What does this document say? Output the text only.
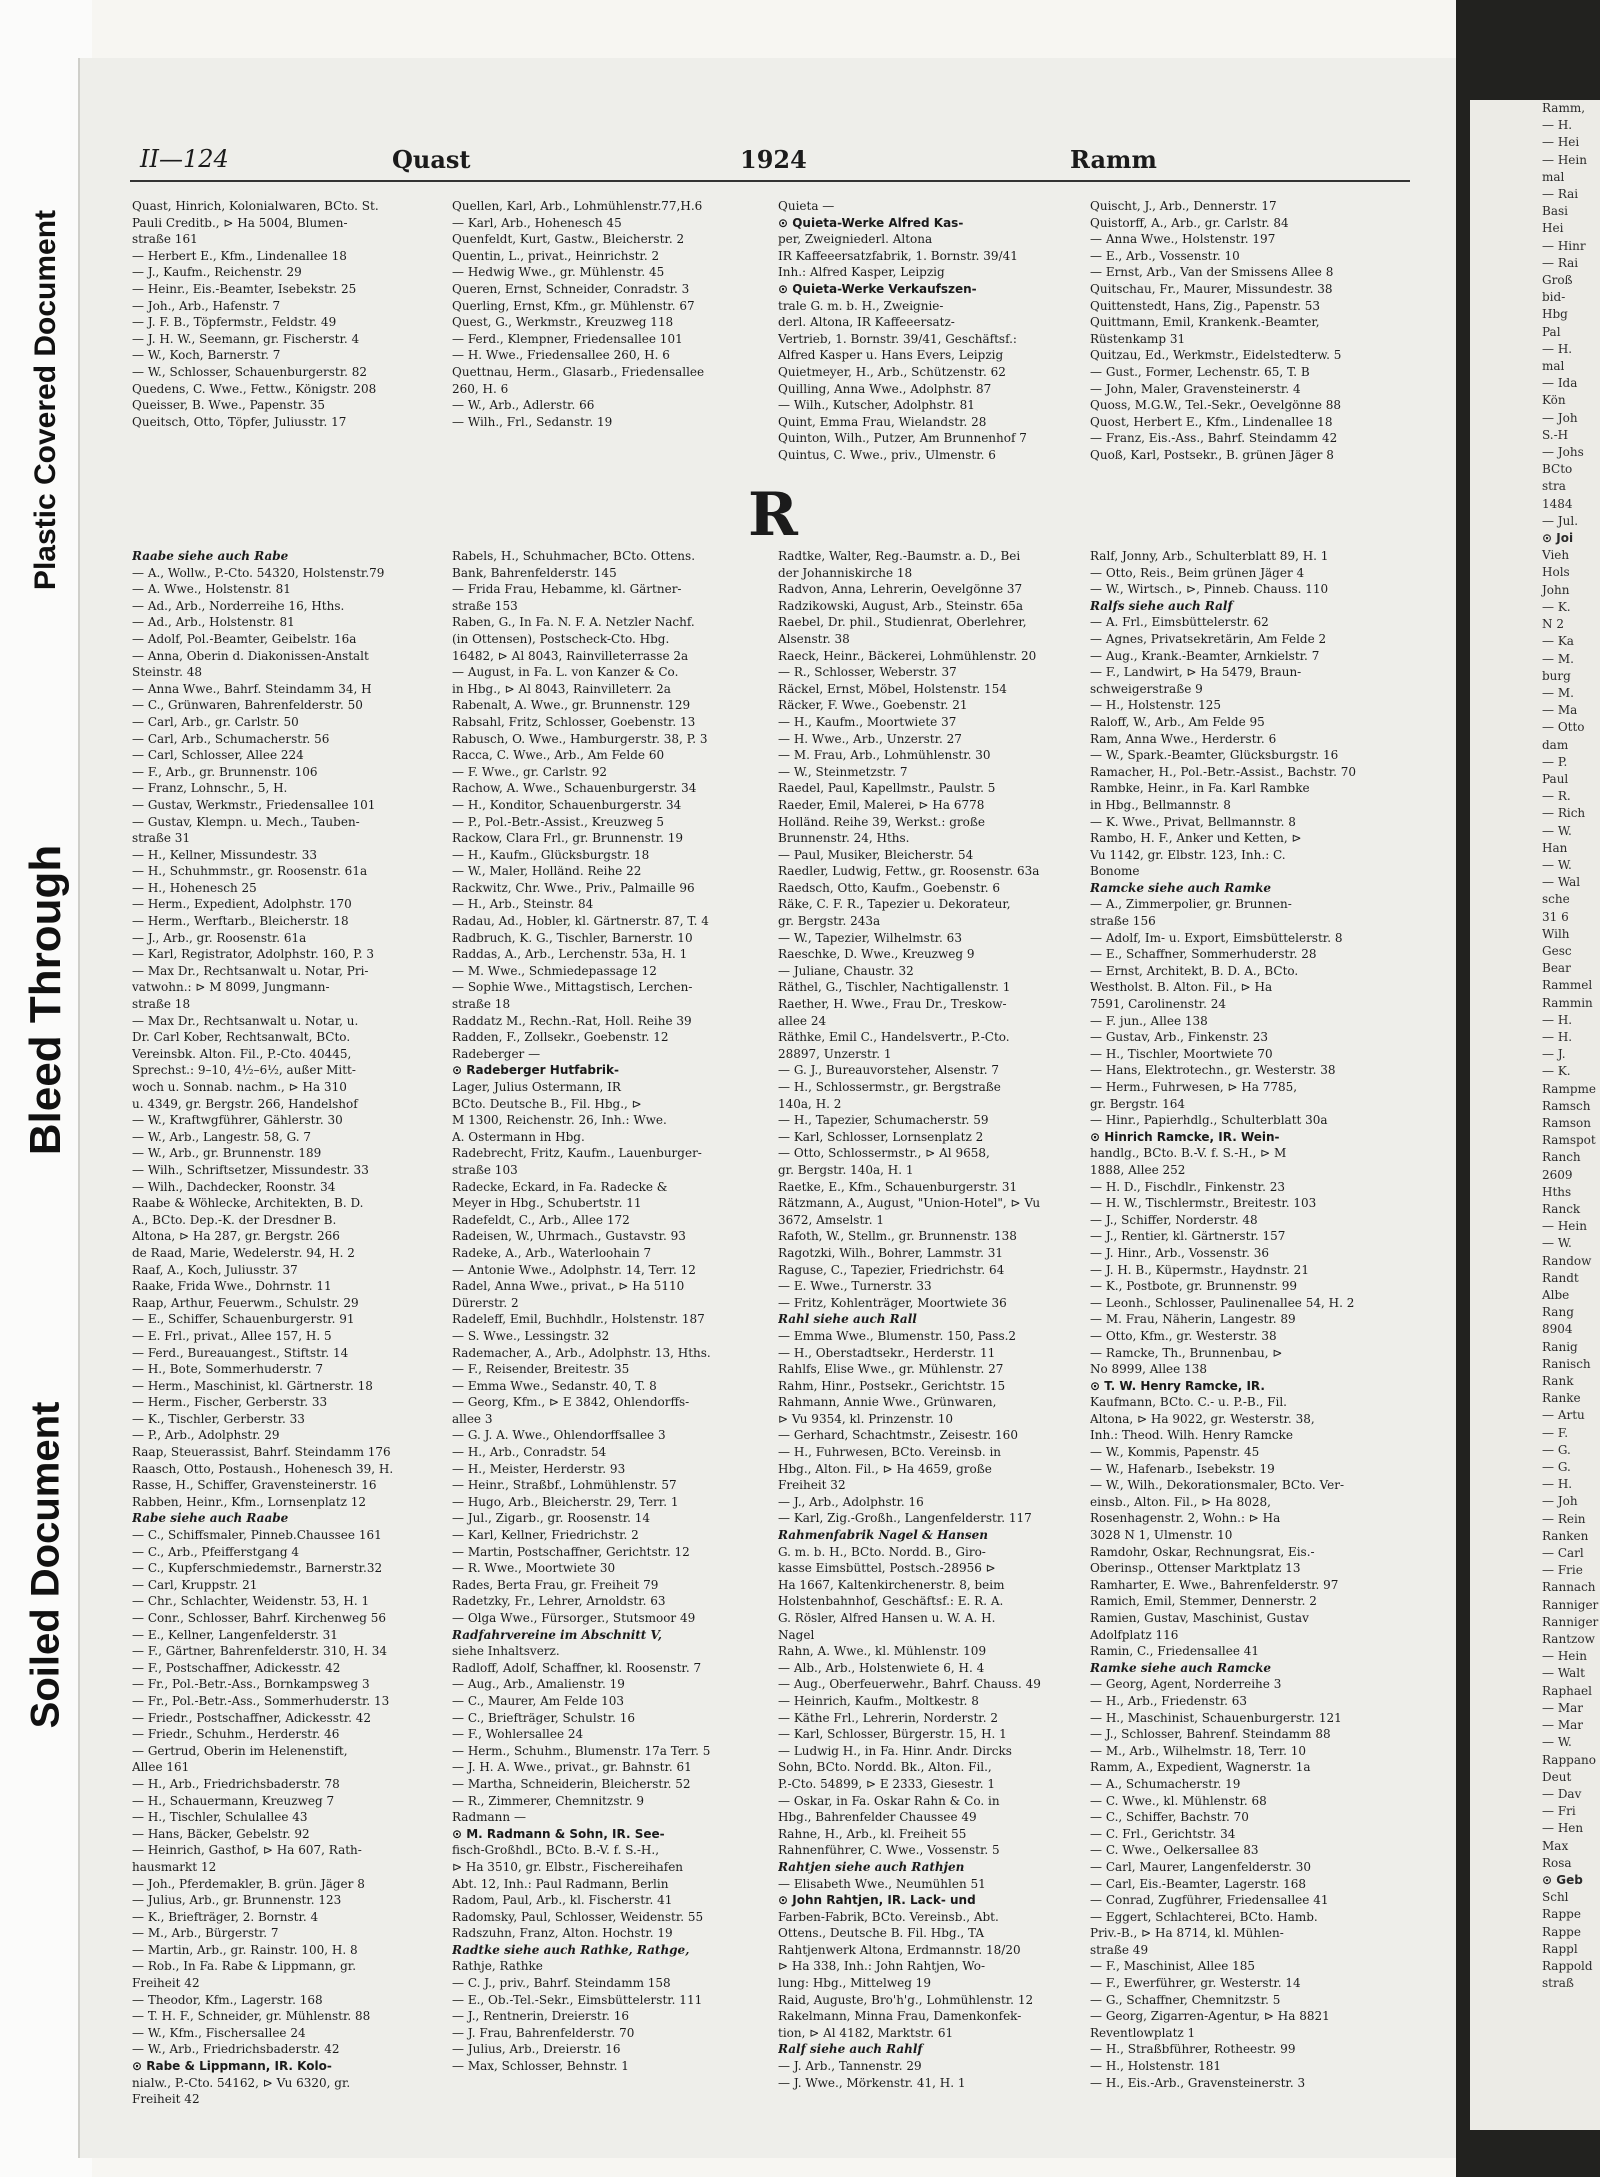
Plastic Covered Document
Bleed Through
Soiled Document
II—124	Quast	1924	Ramm
Quast, Hinrich, Kolonialwaren, BCto. St.
Pauli Creditb., ⊳ Ha 5004, Blumen-
straße 161
— Herbert E., Kfm., Lindenallee 18
— J., Kaufm., Reichenstr. 29
— Heinr., Eis.-Beamter, Isebekstr. 25
— Joh., Arb., Hafenstr. 7
— J. F. B., Töpfermstr., Feldstr. 49
— J. H. W., Seemann, gr. Fischerstr. 4
— W., Koch, Barnerstr. 7
— W., Schlosser, Schauenburgerstr. 82
Quedens, C. Wwe., Fettw., Königstr. 208
Queisser, B. Wwe., Papenstr. 35
Queitsch, Otto, Töpfer, Juliusstr. 17
Quellen, Karl, Arb., Lohmühlenstr.77,H.6
— Karl, Arb., Hohenesch 45
Quenfeldt, Kurt, Gastw., Bleicherstr. 2
Quentin, L., privat., Heinrichstr. 2
— Hedwig Wwe., gr. Mühlenstr. 45
Queren, Ernst, Schneider, Conradstr. 3
Querling, Ernst, Kfm., gr. Mühlenstr. 67
Quest, G., Werkmstr., Kreuzweg 118
— Ferd., Klempner, Friedensallee 101
— H. Wwe., Friedensallee 260, H. 6
Quettnau, Herm., Glasarb., Friedensallee
260, H. 6
— W., Arb., Adlerstr. 66
— Wilh., Frl., Sedanstr. 19
Quieta —
⊙ Quieta-Werke Alfred Kas-
per, Zweigniederl. Altona
IR Kaffeeersatzfabrik, 1. Bornstr. 39/41
Inh.: Alfred Kasper, Leipzig
⊙ Quieta-Werke Verkaufszen-
trale G. m. b. H., Zweignie-
derl. Altona, IR Kaffeeersatz-
Vertrieb, 1. Bornstr. 39/41, Geschäftsf.:
Alfred Kasper u. Hans Evers, Leipzig
Quietmeyer, H., Arb., Schützenstr. 62
Quilling, Anna Wwe., Adolphstr. 87
— Wilh., Kutscher, Adolphstr. 81
Quint, Emma Frau, Wielandstr. 28
Quinton, Wilh., Putzer, Am Brunnenhof 7
Quintus, C. Wwe., priv., Ulmenstr. 6
Quischt, J., Arb., Dennerstr. 17
Quistorff, A., Arb., gr. Carlstr. 84
— Anna Wwe., Holstenstr. 197
— E., Arb., Vossenstr. 10
— Ernst, Arb., Van der Smissens Allee 8
Quitschau, Fr., Maurer, Missundestr. 38
Quittenstedt, Hans, Zig., Papenstr. 53
Quittmann, Emil, Krankenk.-Beamter,
Rüstenkamp 31
Quitzau, Ed., Werkmstr., Eidelstedterw. 5
— Gust., Former, Lechenstr. 65, T. B
— John, Maler, Gravensteinerstr. 4
Quoss, M.G.W., Tel.-Sekr., Oevelgönne 88
Quost, Herbert E., Kfm., Lindenallee 18
— Franz, Eis.-Ass., Bahrf. Steindamm 42
Quoß, Karl, Postsekr., B. grünen Jäger 8
R
Raabe siehe auch Rabe
— A., Wollw., P.-Cto. 54320, Holstenstr.79
— A. Wwe., Holstenstr. 81
— Ad., Arb., Norderreihe 16, Hths.
— Ad., Arb., Holstenstr. 81
— Adolf, Pol.-Beamter, Geibelstr. 16a
— Anna, Oberin d. Diakonissen-Anstalt
Steinstr. 48
— Anna Wwe., Bahrf. Steindamm 34, H
— C., Grünwaren, Bahrenfelderstr. 50
— Carl, Arb., gr. Carlstr. 50
— Carl, Arb., Schumacherstr. 56
— Carl, Schlosser, Allee 224
— F., Arb., gr. Brunnenstr. 106
— Franz, Lohnschr., 5, H.
— Gustav, Werkmstr., Friedensallee 101
— Gustav, Klempn. u. Mech., Tauben-
straße 31
— H., Kellner, Missundestr. 33
— H., Schuhmmstr., gr. Roosenstr. 61a
— H., Hohenesch 25
— Herm., Expedient, Adolphstr. 170
— Herm., Werftarb., Bleicherstr. 18
— J., Arb., gr. Roosenstr. 61a
— Karl, Registrator, Adolphstr. 160, P. 3
— Max Dr., Rechtsanwalt u. Notar, Pri-
vatwohn.: ⊳ M 8099, Jungmann-
straße 18
— Max Dr., Rechtsanwalt u. Notar, u.
Dr. Carl Kober, Rechtsanwalt, BCto.
Vereinsbk. Alton. Fil., P.-Cto. 40445,
Sprechst.: 9–10, 4½–6½, außer Mitt-
woch u. Sonnab. nachm., ⊳ Ha 310
u. 4349, gr. Bergstr. 266, Handelshof
— W., Kraftwgführer, Gählerstr. 30
— W., Arb., Langestr. 58, G. 7
— W., Arb., gr. Brunnenstr. 189
— Wilh., Schriftsetzer, Missundestr. 33
— Wilh., Dachdecker, Roonstr. 34
Raabe & Wöhlecke, Architekten, B. D.
A., BCto. Dep.-K. der Dresdner B.
Altona, ⊳ Ha 287, gr. Bergstr. 266
de Raad, Marie, Wedelerstr. 94, H. 2
Raaf, A., Koch, Juliusstr. 37
Raake, Frida Wwe., Dohrnstr. 11
Raap, Arthur, Feuerwm., Schulstr. 29
— E., Schiffer, Schauenburgerstr. 91
— E. Frl., privat., Allee 157, H. 5
— Ferd., Bureauangest., Stiftstr. 14
— H., Bote, Sommerhuderstr. 7
— Herm., Maschinist, kl. Gärtnerstr. 18
— Herm., Fischer, Gerberstr. 33
— K., Tischler, Gerberstr. 33
— P., Arb., Adolphstr. 29
Raap, Steuerassist, Bahrf. Steindamm 176
Raasch, Otto, Postaush., Hohenesch 39, H.
Rasse, H., Schiffer, Gravensteinerstr. 16
Rabben, Heinr., Kfm., Lornsenplatz 12
Rabe siehe auch Raabe
— C., Schiffsmaler, Pinneb.Chaussee 161
— C., Arb., Pfeifferstgang 4
— C., Kupferschmiedemstr., Barnerstr.32
— Carl, Kruppstr. 21
— Chr., Schlachter, Weidenstr. 53, H. 1
— Conr., Schlosser, Bahrf. Kirchenweg 56
— E., Kellner, Langenfelderstr. 31
— F., Gärtner, Bahrenfelderstr. 310, H. 34
— F., Postschaffner, Adickesstr. 42
— Fr., Pol.-Betr.-Ass., Bornkampsweg 3
— Fr., Pol.-Betr.-Ass., Sommerhuderstr. 13
— Friedr., Postschaffner, Adickesstr. 42
— Friedr., Schuhm., Herderstr. 46
— Gertrud, Oberin im Helenenstift,
Allee 161
— H., Arb., Friedrichsbaderstr. 78
— H., Schauermann, Kreuzweg 7
— H., Tischler, Schulallee 43
— Hans, Bäcker, Gebelstr. 92
— Heinrich, Gasthof, ⊳ Ha 607, Rath-
hausmarkt 12
— Joh., Pferdemakler, B. grün. Jäger 8
— Julius, Arb., gr. Brunnenstr. 123
— K., Briefträger, 2. Bornstr. 4
— M., Arb., Bürgerstr. 7
— Martin, Arb., gr. Rainstr. 100, H. 8
— Rob., In Fa. Rabe & Lippmann, gr.
Freiheit 42
— Theodor, Kfm., Lagerstr. 168
— T. H. F., Schneider, gr. Mühlenstr. 88
— W., Kfm., Fischersallee 24
— W., Arb., Friedrichsbaderstr. 42
⊙ Rabe & Lippmann, IR. Kolo-
nialw., P.-Cto. 54162, ⊳ Vu 6320, gr.
Freiheit 42
Rabels, H., Schuhmacher, BCto. Ottens.
Bank, Bahrenfelderstr. 145
— Frida Frau, Hebamme, kl. Gärtner-
straße 153
Raben, G., In Fa. N. F. A. Netzler Nachf.
(in Ottensen), Postscheck-Cto. Hbg.
16482, ⊳ Al 8043, Rainvilleterrasse 2a
— August, in Fa. L. von Kanzer & Co.
in Hbg., ⊳ Al 8043, Rainvilleterr. 2a
Rabenalt, A. Wwe., gr. Brunnenstr. 129
Rabsahl, Fritz, Schlosser, Goebenstr. 13
Rabusch, O. Wwe., Hamburgerstr. 38, P. 3
Racca, C. Wwe., Arb., Am Felde 60
— F. Wwe., gr. Carlstr. 92
Rachow, A. Wwe., Schauenburgerstr. 34
— H., Konditor, Schauenburgerstr. 34
— P., Pol.-Betr.-Assist., Kreuzweg 5
Rackow, Clara Frl., gr. Brunnenstr. 19
— H., Kaufm., Glücksburgstr. 18
— W., Maler, Holländ. Reihe 22
Rackwitz, Chr. Wwe., Priv., Palmaille 96
— H., Arb., Steinstr. 84
Radau, Ad., Hobler, kl. Gärtnerstr. 87, T. 4
Radbruch, K. G., Tischler, Barnerstr. 10
Raddas, A., Arb., Lerchenstr. 53a, H. 1
— M. Wwe., Schmiedepassage 12
— Sophie Wwe., Mittagstisch, Lerchen-
straße 18
Raddatz M., Rechn.-Rat, Holl. Reihe 39
Radden, F., Zollsekr., Goebenstr. 12
Radeberger —
⊙ Radeberger Hutfabrik-
Lager, Julius Ostermann, IR
BCto. Deutsche B., Fil. Hbg., ⊳
M 1300, Reichenstr. 26, Inh.: Wwe.
A. Ostermann in Hbg.
Radebrecht, Fritz, Kaufm., Lauenburger-
straße 103
Radecke, Eckard, in Fa. Radecke &
Meyer in Hbg., Schubertstr. 11
Radefeldt, C., Arb., Allee 172
Radeisen, W., Uhrmach., Gustavstr. 93
Radeke, A., Arb., Waterloohain 7
— Antonie Wwe., Adolphstr. 14, Terr. 12
Radel, Anna Wwe., privat., ⊳ Ha 5110
Dürerstr. 2
Radeleff, Emil, Buchhdlr., Holstenstr. 187
— S. Wwe., Lessingstr. 32
Rademacher, A., Arb., Adolphstr. 13, Hths.
— F., Reisender, Breitestr. 35
— Emma Wwe., Sedanstr. 40, T. 8
— Georg, Kfm., ⊳ E 3842, Ohlendorffs-
allee 3
— G. J. A. Wwe., Ohlendorffsallee 3
— H., Arb., Conradstr. 54
— H., Meister, Herderstr. 93
— Heinr., Straßbf., Lohmühlenstr. 57
— Hugo, Arb., Bleicherstr. 29, Terr. 1
— Jul., Zigarb., gr. Roosenstr. 14
— Karl, Kellner, Friedrichstr. 2
— Martin, Postschaffner, Gerichtstr. 12
— R. Wwe., Moortwiete 30
Rades, Berta Frau, gr. Freiheit 79
Radetzky, Fr., Lehrer, Arnoldstr. 63
— Olga Wwe., Fürsorger., Stutsmoor 49
Radfahrvereine im Abschnitt V,
siehe Inhaltsverz.
Radloff, Adolf, Schaffner, kl. Roosenstr. 7
— Aug., Arb., Amalienstr. 19
— C., Maurer, Am Felde 103
— C., Briefträger, Schulstr. 16
— F., Wohlersallee 24
— Herm., Schuhm., Blumenstr. 17a Terr. 5
— J. H. A. Wwe., privat., gr. Bahnstr. 61
— Martha, Schneiderin, Bleicherstr. 52
— R., Zimmerer, Chemnitzstr. 9
Radmann —
⊙ M. Radmann & Sohn, IR. See-
fisch-Großhdl., BCto. B.-V. f. S.-H.,
⊳ Ha 3510, gr. Elbstr., Fischereihafen
Abt. 12, Inh.: Paul Radmann, Berlin
Radom, Paul, Arb., kl. Fischerstr. 41
Radomsky, Paul, Schlosser, Weidenstr. 55
Radszuhn, Franz, Alton. Hochstr. 19
Radtke siehe auch Rathke, Rathge,
Rathje, Rathke
— C. J., priv., Bahrf. Steindamm 158
— E., Ob.-Tel.-Sekr., Eimsbüttelerstr. 111
— J., Rentnerin, Dreierstr. 16
— J. Frau, Bahrenfelderstr. 70
— Julius, Arb., Dreierstr. 16
— Max, Schlosser, Behnstr. 1
Radtke, Walter, Reg.-Baumstr. a. D., Bei
der Johanniskirche 18
Radvon, Anna, Lehrerin, Oevelgönne 37
Radzikowski, August, Arb., Steinstr. 65a
Raebel, Dr. phil., Studienrat, Oberlehrer,
Alsenstr. 38
Raeck, Heinr., Bäckerei, Lohmühlenstr. 20
— R., Schlosser, Weberstr. 37
Räckel, Ernst, Möbel, Holstenstr. 154
Räcker, F. Wwe., Goebenstr. 21
— H., Kaufm., Moortwiete 37
— H. Wwe., Arb., Unzerstr. 27
— M. Frau, Arb., Lohmühlenstr. 30
— W., Steinmetzstr. 7
Raedel, Paul, Kapellmstr., Paulstr. 5
Raeder, Emil, Malerei, ⊳ Ha 6778
Holländ. Reihe 39, Werkst.: große
Brunnenstr. 24, Hths.
— Paul, Musiker, Bleicherstr. 54
Raedler, Ludwig, Fettw., gr. Roosenstr. 63a
Raedsch, Otto, Kaufm., Goebenstr. 6
Räke, C. F. R., Tapezier u. Dekorateur,
gr. Bergstr. 243a
— W., Tapezier, Wilhelmstr. 63
Raeschke, D. Wwe., Kreuzweg 9
— Juliane, Chaustr. 32
Räthel, G., Tischler, Nachtigallenstr. 1
Raether, H. Wwe., Frau Dr., Treskow-
allee 24
Räthke, Emil C., Handelsvertr., P.-Cto.
28897, Unzerstr. 1
— G. J., Bureauvorsteher, Alsenstr. 7
— H., Schlossermstr., gr. Bergstraße
140a, H. 2
— H., Tapezier, Schumacherstr. 59
— Karl, Schlosser, Lornsenplatz 2
— Otto, Schlossermstr., ⊳ Al 9658,
gr. Bergstr. 140a, H. 1
Raetke, E., Kfm., Schauenburgerstr. 31
Rätzmann, A., August, "Union-Hotel", ⊳ Vu
3672, Amselstr. 1
Rafoth, W., Stellm., gr. Brunnenstr. 138
Ragotzki, Wilh., Bohrer, Lammstr. 31
Raguse, C., Tapezier, Friedrichstr. 64
— E. Wwe., Turnerstr. 33
— Fritz, Kohlenträger, Moortwiete 36
Rahl siehe auch Rall
— Emma Wwe., Blumenstr. 150, Pass.2
— H., Oberstadtsekr., Herderstr. 11
Rahlfs, Elise Wwe., gr. Mühlenstr. 27
Rahm, Hinr., Postsekr., Gerichtstr. 15
Rahmann, Annie Wwe., Grünwaren,
⊳ Vu 9354, kl. Prinzenstr. 10
— Gerhard, Schachtmstr., Zeisestr. 160
— H., Fuhrwesen, BCto. Vereinsb. in
Hbg., Alton. Fil., ⊳ Ha 4659, große
Freiheit 32
— J., Arb., Adolphstr. 16
— Karl, Zig.-Großh., Langenfelderstr. 117
Rahmenfabrik Nagel & Hansen
G. m. b. H., BCto. Nordd. B., Giro-
kasse Eimsbüttel, Postsch.-28956 ⊳
Ha 1667, Kaltenkirchenerstr. 8, beim
Holstenbahnhof, Geschäftsf.: E. R. A.
G. Rösler, Alfred Hansen u. W. A. H.
Nagel
Rahn, A. Wwe., kl. Mühlenstr. 109
— Alb., Arb., Holstenwiete 6, H. 4
— Aug., Oberfeuerwehr., Bahrf. Chauss. 49
— Heinrich, Kaufm., Moltkestr. 8
— Käthe Frl., Lehrerin, Norderstr. 2
— Karl, Schlosser, Bürgerstr. 15, H. 1
— Ludwig H., in Fa. Hinr. Andr. Dircks
Sohn, BCto. Nordd. Bk., Alton. Fil.,
P.-Cto. 54899, ⊳ E 2333, Giesestr. 1
— Oskar, in Fa. Oskar Rahn & Co. in
Hbg., Bahrenfelder Chaussee 49
Rahne, H., Arb., kl. Freiheit 55
Rahnenführer, C. Wwe., Vossenstr. 5
Rahtjen siehe auch Rathjen
— Elisabeth Wwe., Neumühlen 51
⊙ John Rahtjen, IR. Lack- und
Farben-Fabrik, BCto. Vereinsb., Abt.
Ottens., Deutsche B. Fil. Hbg., TA
Rahtjenwerk Altona, Erdmannstr. 18/20
⊳ Ha 338, Inh.: John Rahtjen, Wo-
lung: Hbg., Mittelweg 19
Raid, Auguste, Bro'h'g., Lohmühlenstr. 12
Rakelmann, Minna Frau, Damenkonfek-
tion, ⊳ Al 4182, Marktstr. 61
Ralf siehe auch Rahlf
— J. Arb., Tannenstr. 29
— J. Wwe., Mörkenstr. 41, H. 1
Ralf, Jonny, Arb., Schulterblatt 89, H. 1
— Otto, Reis., Beim grünen Jäger 4
— W., Wirtsch., ⊳, Pinneb. Chauss. 110
Ralfs siehe auch Ralf
— A. Frl., Eimsbüttelerstr. 62
— Agnes, Privatsekretärin, Am Felde 2
— Aug., Krank.-Beamter, Arnkielstr. 7
— F., Landwirt, ⊳ Ha 5479, Braun-
schweigerstraße 9
— H., Holstenstr. 125
Raloff, W., Arb., Am Felde 95
Ram, Anna Wwe., Herderstr. 6
— W., Spark.-Beamter, Glücksburgstr. 16
Ramacher, H., Pol.-Betr.-Assist., Bachstr. 70
Rambke, Heinr., in Fa. Karl Rambke
in Hbg., Bellmannstr. 8
— K. Wwe., Privat, Bellmannstr. 8
Rambo, H. F., Anker und Ketten, ⊳
Vu 1142, gr. Elbstr. 123, Inh.: C.
Bonome
Ramcke siehe auch Ramke
— A., Zimmerpolier, gr. Brunnen-
straße 156
— Adolf, Im- u. Export, Eimsbüttelerstr. 8
— E., Schaffner, Sommerhuderstr. 28
— Ernst, Architekt, B. D. A., BCto.
Westholst. B. Alton. Fil., ⊳ Ha
7591, Carolinenstr. 24
— F. jun., Allee 138
— Gustav, Arb., Finkenstr. 23
— H., Tischler, Moortwiete 70
— Hans, Elektrotechn., gr. Westerstr. 38
— Herm., Fuhrwesen, ⊳ Ha 7785,
gr. Bergstr. 164
— Hinr., Papierhdlg., Schulterblatt 30a
⊙ Hinrich Ramcke, IR. Wein-
handlg., BCto. B.-V. f. S.-H., ⊳ M
1888, Allee 252
— H. D., Fischdlr., Finkenstr. 23
— H. W., Tischlermstr., Breitestr. 103
— J., Schiffer, Norderstr. 48
— J., Rentier, kl. Gärtnerstr. 157
— J. Hinr., Arb., Vossenstr. 36
— J. H. B., Küpermstr., Haydnstr. 21
— K., Postbote, gr. Brunnenstr. 99
— Leonh., Schlosser, Paulinenallee 54, H. 2
— M. Frau, Näherin, Langestr. 89
— Otto, Kfm., gr. Westerstr. 38
— Ramcke, Th., Brunnenbau, ⊳
No 8999, Allee 138
⊙ T. W. Henry Ramcke, IR.
Kaufmann, BCto. C.- u. P.-B., Fil.
Altona, ⊳ Ha 9022, gr. Westerstr. 38,
Inh.: Theod. Wilh. Henry Ramcke
— W., Kommis, Papenstr. 45
— W., Hafenarb., Isebekstr. 19
— W., Wilh., Dekorationsmaler, BCto. Ver-
einsb., Alton. Fil., ⊳ Ha 8028,
Rosenhagenstr. 2, Wohn.: ⊳ Ha
3028 N 1, Ulmenstr. 10
Ramdohr, Oskar, Rechnungsrat, Eis.-
Oberinsp., Ottenser Marktplatz 13
Ramharter, E. Wwe., Bahrenfelderstr. 97
Ramich, Emil, Stemmer, Dennerstr. 2
Ramien, Gustav, Maschinist, Gustav
Adolfplatz 116
Ramin, C., Friedensallee 41
Ramke siehe auch Ramcke
— Georg, Agent, Norderreihe 3
— H., Arb., Friedenstr. 63
— H., Maschinist, Schauenburgerstr. 121
— J., Schlosser, Bahrenf. Steindamm 88
— M., Arb., Wilhelmstr. 18, Terr. 10
Ramm, A., Expedient, Wagnerstr. 1a
— A., Schumacherstr. 19
— C. Wwe., kl. Mühlenstr. 68
— C., Schiffer, Bachstr. 70
— C. Frl., Gerichtstr. 34
— C. Wwe., Oelkersallee 83
— Carl, Maurer, Langenfelderstr. 30
— Carl, Eis.-Beamter, Lagerstr. 168
— Conrad, Zugführer, Friedensallee 41
— Eggert, Schlachterei, BCto. Hamb.
Priv.-B., ⊳ Ha 8714, kl. Mühlen-
straße 49
— F., Maschinist, Allee 185
— F., Ewerführer, gr. Westerstr. 14
— G., Schaffner, Chemnitzstr. 5
— Georg, Zigarren-Agentur, ⊳ Ha 8821
Reventlowplatz 1
— H., Straßbführer, Rotheestr. 99
— H., Holstenstr. 181
— H., Eis.-Arb., Gravensteinerstr. 3
Ramm,
— H.
— Hei
— Hein
mal
— Rai
Basi
Hei
— Hinr
— Rai
Groß
bid-
Hbg
Pal
— H.
mal
— Ida
Kön
— Joh
S.-H
— Johs
BCto
stra
1484
— Jul.
⊙ Joi
Vieh
Hols
John
— K.
N 2
— Ka
— M.
burg
— M.
— Ma
— Otto
dam
— P.
Paul
— R.
— Rich
— W.
Han
— W.
— Wal
sche
31 6
Wilh
Gesc
Bear
Rammel
Rammin
— H.
— H.
— J.
— K.
Rampme
Ramsch
Ramson
Ramspot
Ranch
2609
Hths
Ranck
— Hein
— W.
Randow
Randt
Albe
Rang
8904
Ranig
Ranisch
Rank
Ranke
— Artu
— F.
— G.
— G.
— H.
— Joh
— Rein
Ranken
— Carl
— Frie
Rannach
Ranniger
Ranniger
Rantzow
— Hein
— Walt
Raphael
— Mar
— Mar
— W.
Rappano
Deut
— Dav
— Fri
— Hen
Max
Rosa
⊙ Geb
Schl
Rappe
Rappe
Rappl
Rappold
straß
